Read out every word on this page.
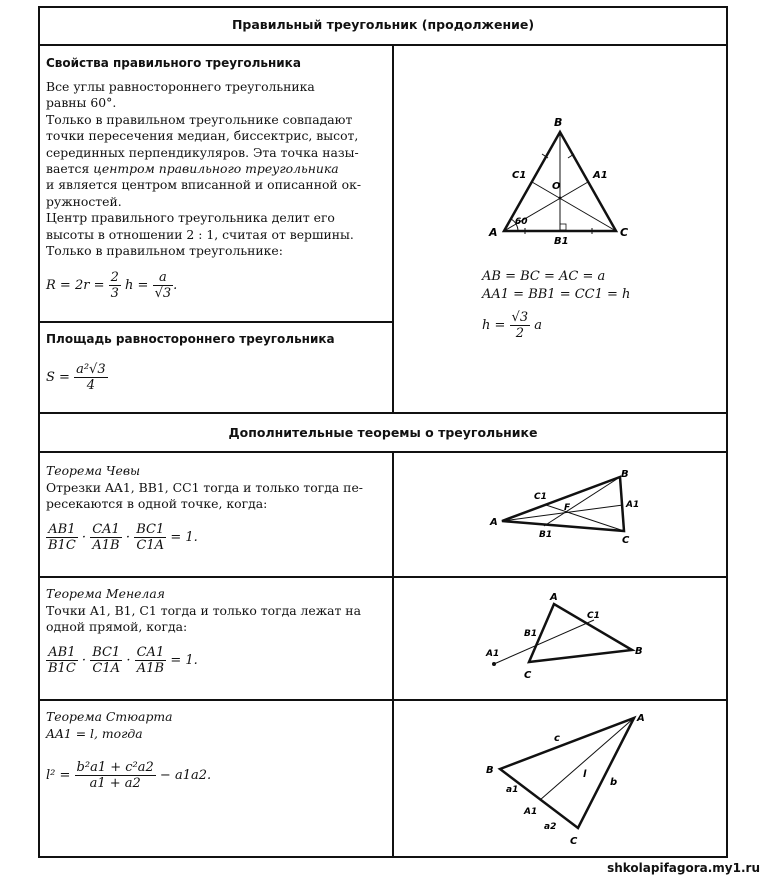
Правильный треугольник (продолжение)
Свойства правильного треугольника
Все углы равностороннего треугольника
равны 60°.
Только в правильном треугольнике совпадают
точки пересечения медиан, биссектрис, высот,
серединных перпендикуляров. Эта точка назы-
вается центром правильного треугольника
и является центром вписанной и описанной ок-
ружностей.
Центр правильного треугольника делит его
высоты в отношении 2 : 1, считая от вершины.
Только в правильном треугольнике:
$R = 2r = \frac{2}{3}$ $h = \frac{a}{√3}$ .
Площадь равностороннего треугольника
$S = \frac{\text{a²√3}}{4}$
A
B
C
O
C1	A1
B1
60
AB = BC = AC = a
AA1 = BB1 = CC1 = h
$h = \frac{√3}{2}$ a
Дополнительные теоремы о треугольнике
Теорема Чевы
Отрезки AA1, BB1, CC1 тогда и только тогда пе-
ресекаются в одной точке, когда:
$\frac{AB1}{B1C} \cdot \frac{CA1}{A1B} \cdot \frac{BC1}{C1A} = 1$.
A
B
C
F	A1
B1
C1
Теорема Менелая
Точки A1, B1, C1 тогда и только тогда лежат на
одной прямой, когда:
$\frac{AB1}{B1C} \cdot \frac{BC1}{C1A} \cdot \frac{CA1}{A1B} = 1$.
A
B
C
A1
B1
C1
Теорема Стюарта
AA1 = l, тогда
$l^2 = \frac{\text{b²a1 + c²a2}}{a1 + a2} - a1a2$.
A
B
C
A1
a1
a2
b
c
l
shkolapifagora.my1.ru
